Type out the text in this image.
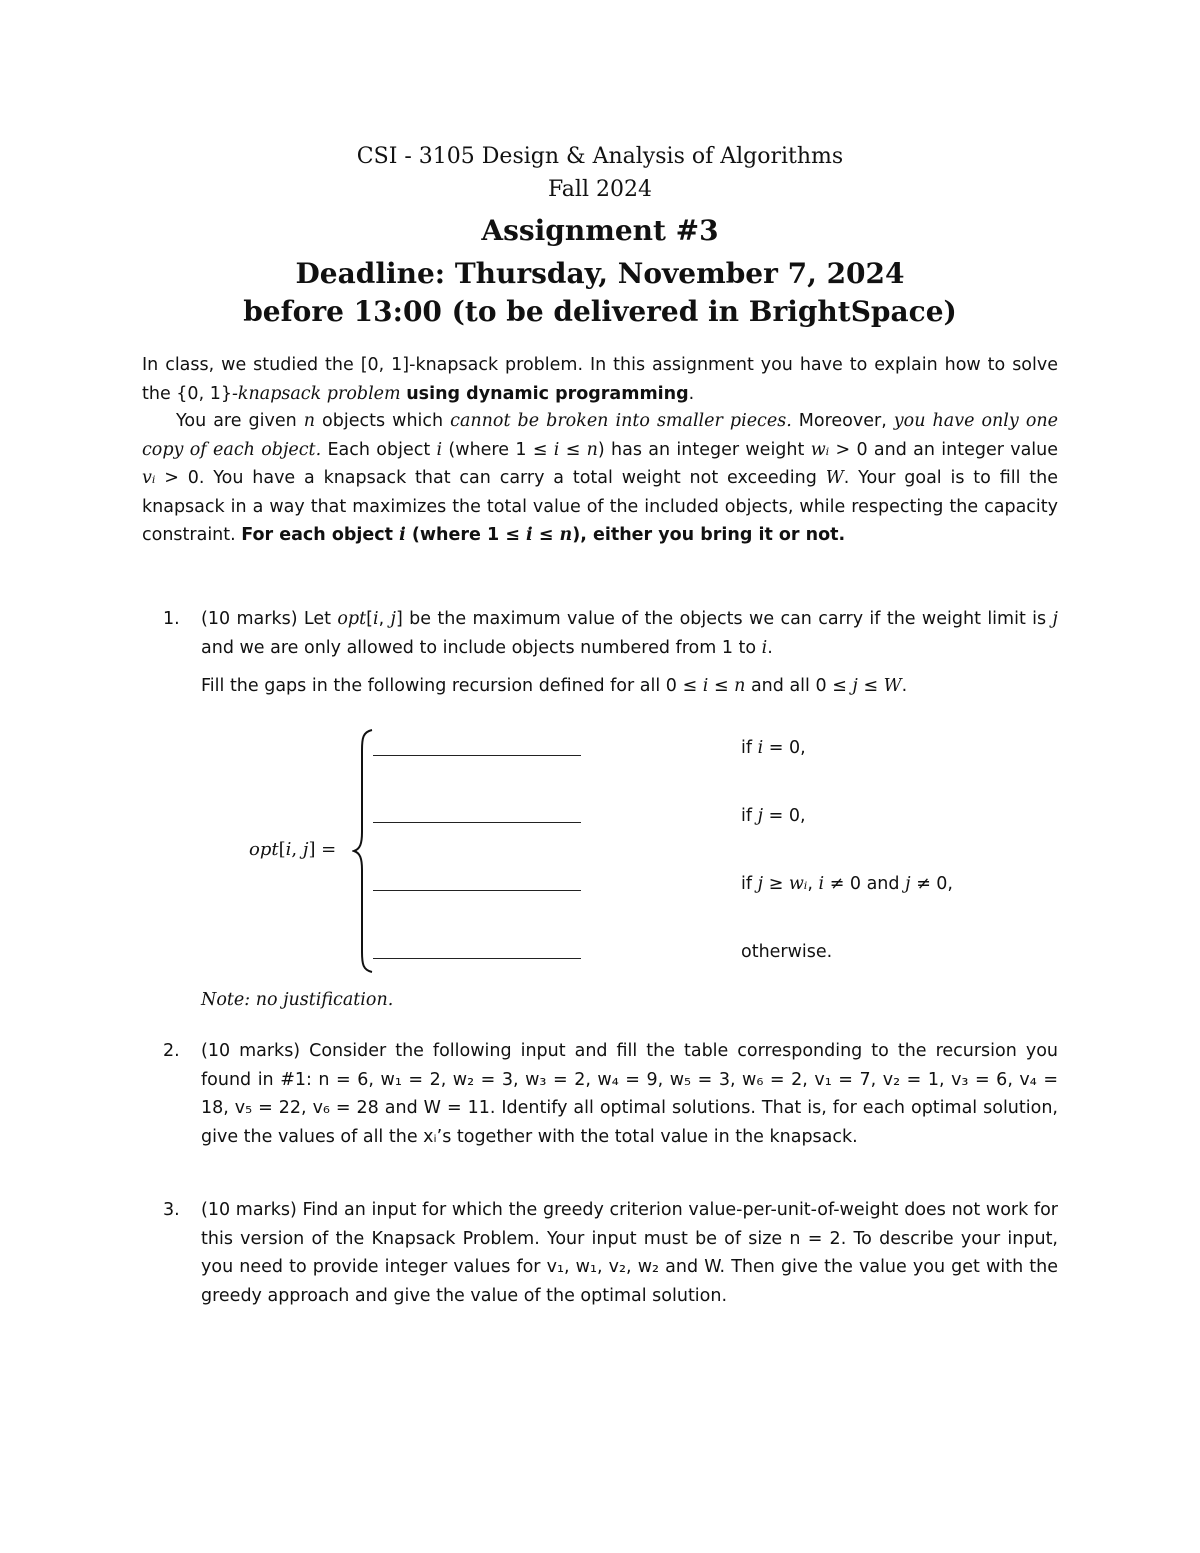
CSI - 3105 Design & Analysis of Algorithms
Fall 2024
Assignment #3
Deadline: Thursday, November 7, 2024
before 13:00 (to be delivered in BrightSpace)

In class, we studied the [0, 1]-knapsack problem. In this assignment you have to explain how to solve the {0, 1}-knapsack problem using dynamic programming.

You are given n objects which cannot be broken into smaller pieces. Moreover, you have only one copy of each object. Each object i (where 1 ≤ i ≤ n) has an integer weight wᵢ > 0 and an integer value vᵢ > 0. You have a knapsack that can carry a total weight not exceeding W. Your goal is to fill the knapsack in a way that maximizes the total value of the included objects, while respecting the capacity constraint. For each object i (where 1 ≤ i ≤ n), either you bring it or not.

1. (10 marks) Let opt[i, j] be the maximum value of the objects we can carry if the weight limit is j and we are only allowed to include objects numbered from 1 to i.

Fill the gaps in the following recursion defined for all 0 ≤ i ≤ n and all 0 ≤ j ≤ W.

opt[i, j] =
if i = 0,
if j = 0,
if j ≥ wᵢ, i ≠ 0 and j ≠ 0,
otherwise.
Note: no justification.
2. (10 marks) Consider the following input and fill the table corresponding to the recursion you found in #1: n = 6, w₁ = 2, w₂ = 3, w₃ = 2, w₄ = 9, w₅ = 3, w₆ = 2, v₁ = 7, v₂ = 1, v₃ = 6, v₄ = 18, v₅ = 22, v₆ = 28 and W = 11. Identify all optimal solutions. That is, for each optimal solution, give the values of all the xᵢ’s together with the total value in the knapsack.

3. (10 marks) Find an input for which the greedy criterion value-per-unit-of-weight does not work for this version of the Knapsack Problem. Your input must be of size n = 2. To describe your input, you need to provide integer values for v₁, w₁, v₂, w₂ and W. Then give the value you get with the greedy approach and give the value of the optimal solution.
